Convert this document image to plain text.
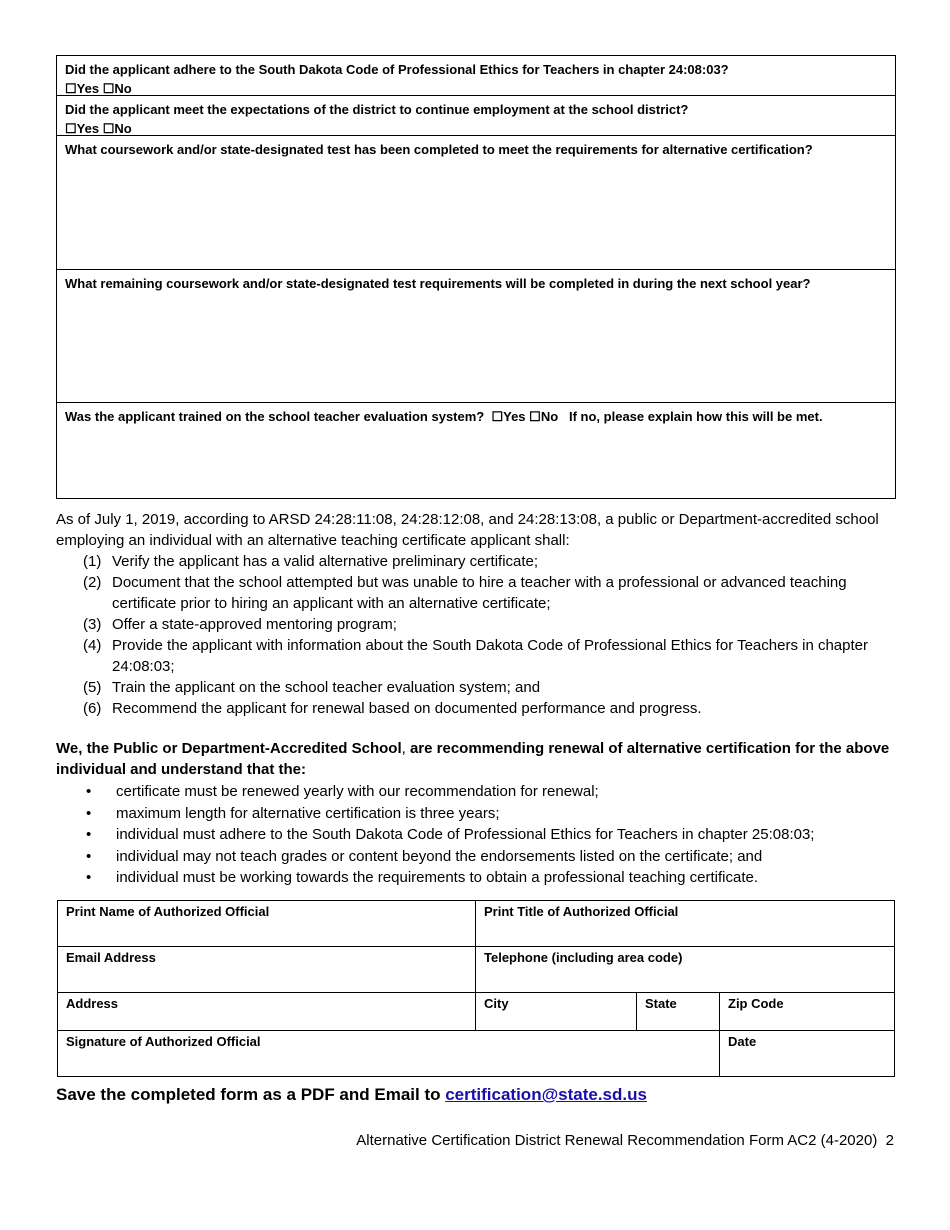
Did the applicant adhere to the South Dakota Code of Professional Ethics for Teachers in chapter 24:08:03?
☐Yes ☐No
Did the applicant meet the expectations of the district to continue employment at the school district?
☐Yes ☐No
What coursework and/or state-designated test has been completed to meet the requirements for alternative certification?
What remaining coursework and/or state-designated test requirements will be completed in during the next school year?
Was the applicant trained on the school teacher evaluation system? ☐Yes ☐No If no, please explain how this will be met.
As of July 1, 2019, according to ARSD 24:28:11:08, 24:28:12:08, and 24:28:13:08, a public or Department-accredited school employing an individual with an alternative teaching certificate applicant shall:
(1) Verify the applicant has a valid alternative preliminary certificate;
(2) Document that the school attempted but was unable to hire a teacher with a professional or advanced teaching certificate prior to hiring an applicant with an alternative certificate;
(3) Offer a state-approved mentoring program;
(4) Provide the applicant with information about the South Dakota Code of Professional Ethics for Teachers in chapter 24:08:03;
(5) Train the applicant on the school teacher evaluation system; and
(6) Recommend the applicant for renewal based on documented performance and progress.
We, the Public or Department-Accredited School, are recommending renewal of alternative certification for the above individual and understand that the:
• certificate must be renewed yearly with our recommendation for renewal;
• maximum length for alternative certification is three years;
• individual must adhere to the South Dakota Code of Professional Ethics for Teachers in chapter 25:08:03;
• individual may not teach grades or content beyond the endorsements listed on the certificate; and
• individual must be working towards the requirements to obtain a professional teaching certificate.
Print Name of Authorized Official	Print Title of Authorized Official		
Email Address	Telephone (including area code)		
Address	City	State	Zip Code
Signature of Authorized Official			Date
Save the completed form as a PDF and Email to certification@state.sd.us
Alternative Certification District Renewal Recommendation Form AC2 (4-2020)  2
